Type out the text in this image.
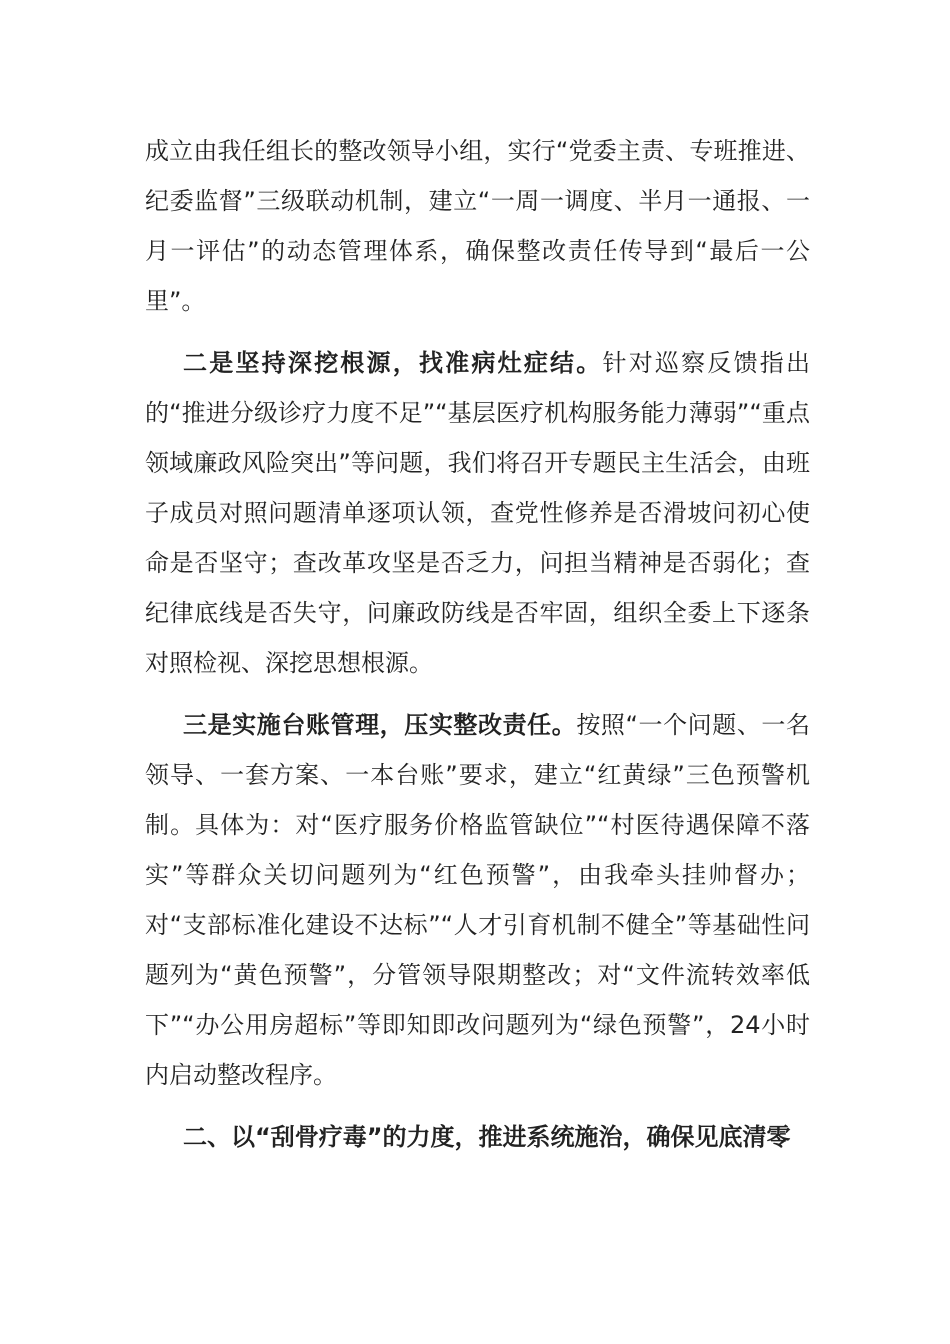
成立由我任组长的整改领导小组，实行“党委主责、专班推进、纪委监督”三级联动机制，建立“一周一调度、半月一通报、一月一评估”的动态管理体系，确保整改责任传导到“最后一公里”。

二是坚持深挖根源，找准病灶症结。针对巡察反馈指出的“推进分级诊疗力度不足”“基层医疗机构服务能力薄弱”“重点领域廉政风险突出”等问题，我们将召开专题民主生活会，由班子成员对照问题清单逐项认领，查党性修养是否滑坡问初心使命是否坚守；查改革攻坚是否乏力，问担当精神是否弱化；查纪律底线是否失守，问廉政防线是否牢固，组织全委上下逐条对照检视、深挖思想根源。

三是实施台账管理，压实整改责任。按照“一个问题、一名领导、一套方案、一本台账”要求，建立“红黄绿”三色预警机制。具体为：对“医疗服务价格监管缺位”“村医待遇保障不落实”等群众关切问题列为“红色预警”，由我牵头挂帅督办；对“支部标准化建设不达标”“人才引育机制不健全”等基础性问题列为“黄色预警”，分管领导限期整改；对“文件流转效率低下”“办公用房超标”等即知即改问题列为“绿色预警”，24小时内启动整改程序。

二、以“刮骨疗毒”的力度，推进系统施治，确保见底清零
